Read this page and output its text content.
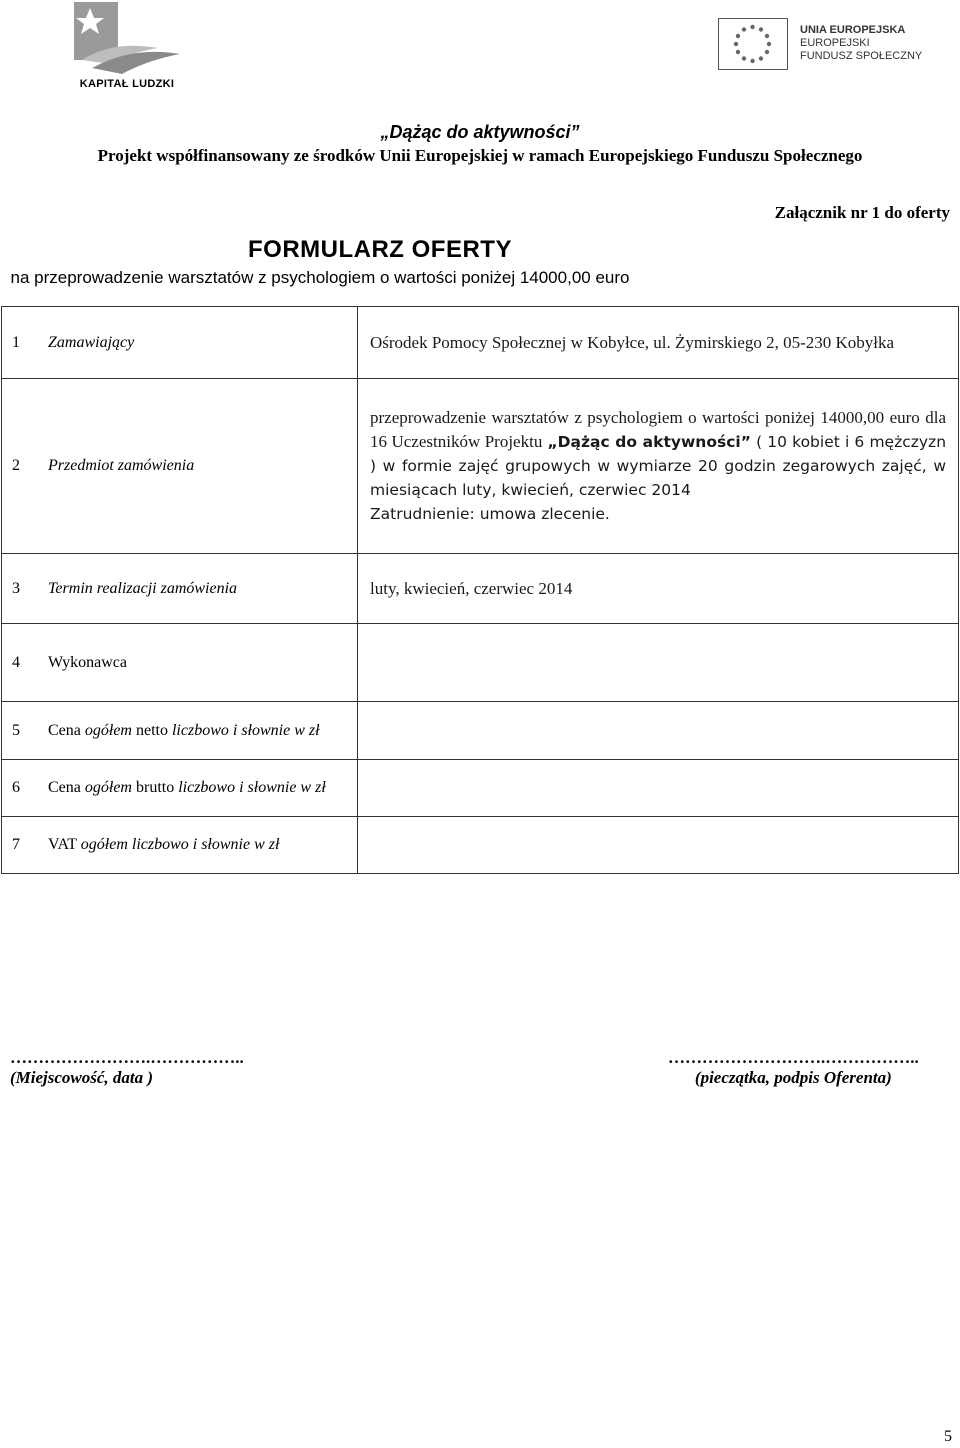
KAPITAŁ LUDZKI
UNIA EUROPEJSKA
EUROPEJSKI
FUNDUSZ SPOŁECZNY
„Dążąc do aktywności”
Projekt współfinansowany ze środków Unii Europejskiej w ramach Europejskiego Funduszu Społecznego
Załącznik nr 1 do oferty
FORMULARZ OFERTY
na przeprowadzenie warsztatów z psychologiem o wartości poniżej 14000,00 euro
1 Zamawiający	Ośrodek Pomocy Społecznej w Kobyłce, ul. Żymirskiego 2, 05-230 Kobyłka

2 Przedmiot zamówienia	przeprowadzenie warsztatów z psychologiem o wartości poniżej 14000,00 euro dla 16 Uczestników Projektu „Dążąc do aktywności” ( 10 kobiet i 6 mężczyzn ) w formie zajęć grupowych w wymiarze 20 godzin zegarowych zajęć, w miesiącach luty, kwiecień, czerwiec 2014
Zatrudnienie: umowa zlecenie.

3 Termin realizacji zamówienia	luty, kwiecień, czerwiec 2014

4 Wykonawca	

5 Cena ogółem netto liczbowo i słownie w zł	

6 Cena ogółem brutto liczbowo i słownie w zł	

7 VAT ogółem liczbowo i słownie w zł	

…………………….……………..
(Miejscowość, data )
……………………….……………..
(pieczątka, podpis Oferenta)
5
